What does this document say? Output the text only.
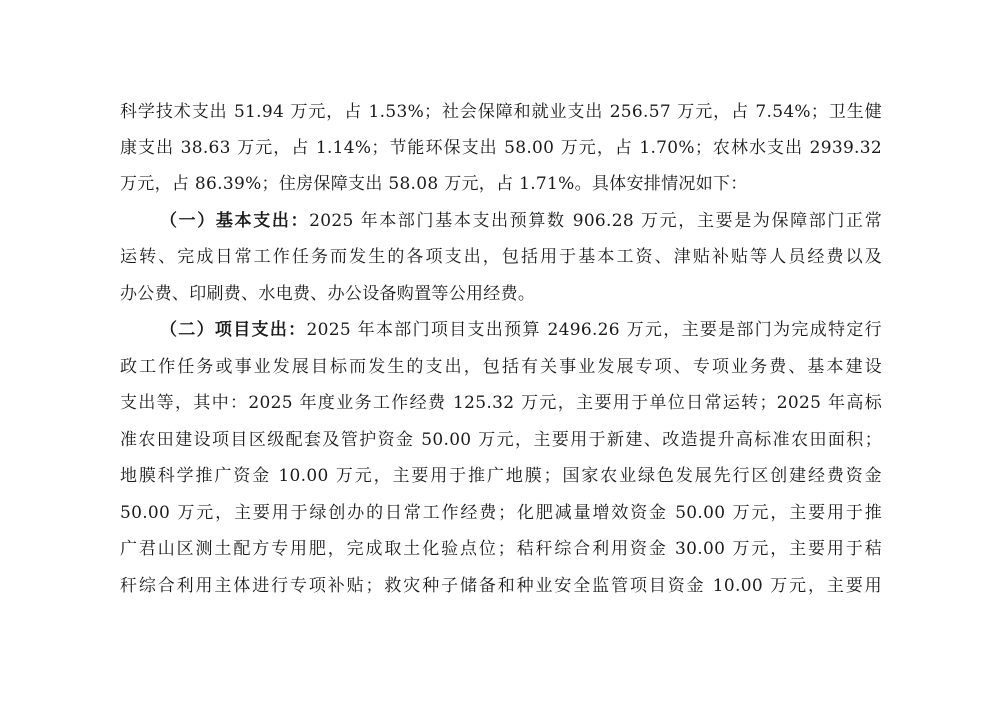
科学技术支出 51.94 万元，占 1.53%；社会保障和就业支出 256.57 万元，占 7.54%；卫生健
康支出 38.63 万元，占 1.14%；节能环保支出 58.00 万元，占 1.70%；农林水支出 2939.32
万元，占 86.39%；住房保障支出 58.08 万元，占 1.71%。具体安排情况如下：
（一）基本支出：2025 年本部门基本支出预算数 906.28 万元，主要是为保障部门正常
运转、完成日常工作任务而发生的各项支出，包括用于基本工资、津贴补贴等人员经费以及
办公费、印刷费、水电费、办公设备购置等公用经费。
（二）项目支出：2025 年本部门项目支出预算 2496.26 万元，主要是部门为完成特定行
政工作任务或事业发展目标而发生的支出，包括有关事业发展专项、专项业务费、基本建设
支出等，其中：2025 年度业务工作经费 125.32 万元，主要用于单位日常运转；2025 年高标
准农田建设项目区级配套及管护资金 50.00 万元，主要用于新建、改造提升高标准农田面积；
地膜科学推广资金 10.00 万元，主要用于推广地膜；国家农业绿色发展先行区创建经费资金
50.00 万元，主要用于绿创办的日常工作经费；化肥减量增效资金 50.00 万元，主要用于推
广君山区测土配方专用肥，完成取土化验点位；秸秆综合利用资金 30.00 万元，主要用于秸
秆综合利用主体进行专项补贴；救灾种子储备和种业安全监管项目资金 10.00 万元，主要用
